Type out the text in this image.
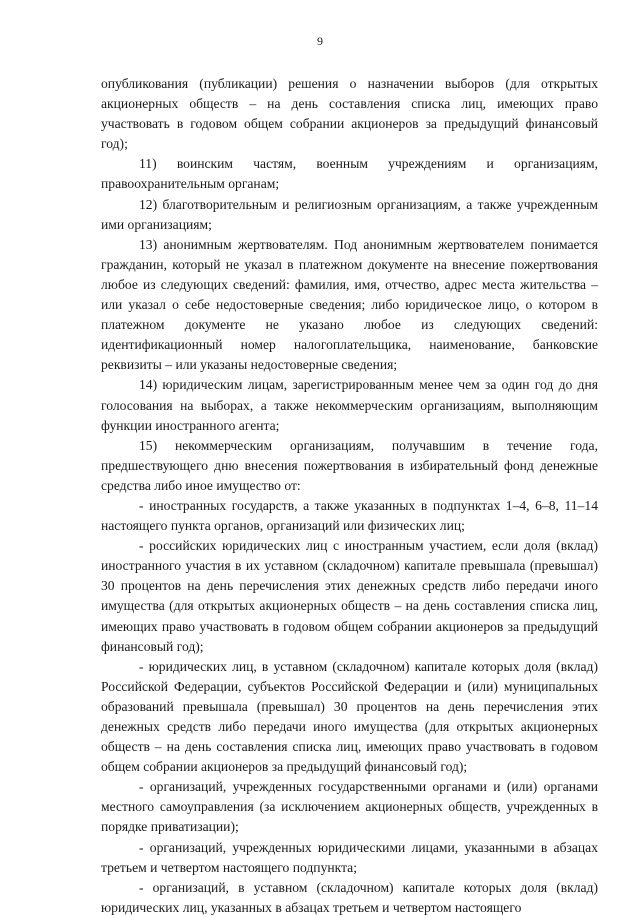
9

опубликования (публикации) решения о назначении выборов (для открытых акционерных обществ – на день составления списка лиц, имеющих право участвовать в годовом общем собрании акционеров за предыдущий финансовый год);

11) воинским частям, военным учреждениям и организациям, правоохранительным органам;

12) благотворительным и религиозным организациям, а также учрежденным ими организациям;

13) анонимным жертвователям. Под анонимным жертвователем понимается гражданин, который не указал в платежном документе на внесение пожертвования любое из следующих сведений: фамилия, имя, отчество, адрес места жительства – или указал о себе недостоверные сведения; либо юридическое лицо, о котором в платежном документе не указано любое из следующих сведений: идентификационный номер налогоплательщика, наименование, банковские реквизиты – или указаны недостоверные сведения;

14) юридическим лицам, зарегистрированным менее чем за один год до дня голосования на выборах, а также некоммерческим организациям, выполняющим функции иностранного агента;

15) некоммерческим организациям, получавшим в течение года, предшествующего дню внесения пожертвования в избирательный фонд денежные средства либо иное имущество от:

- иностранных государств, а также указанных в подпунктах 1–4, 6–8, 11–14 настоящего пункта органов, организаций или физических лиц;

- российских юридических лиц с иностранным участием, если доля (вклад) иностранного участия в их уставном (складочном) капитале превышала (превышал) 30 процентов на день перечисления этих денежных средств либо передачи иного имущества (для открытых акционерных обществ – на день составления списка лиц, имеющих право участвовать в годовом общем собрании акционеров за предыдущий финансовый год);

- юридических лиц, в уставном (складочном) капитале которых доля (вклад) Российской Федерации, субъектов Российской Федерации и (или) муниципальных образований превышала (превышал) 30 процентов на день перечисления этих денежных средств либо передачи иного имущества (для открытых акционерных обществ – на день составления списка лиц, имеющих право участвовать в годовом общем собрании акционеров за предыдущий финансовый год);

- организаций, учрежденных государственными органами и (или) органами местного самоуправления (за исключением акционерных обществ, учрежденных в порядке приватизации);

- организаций, учрежденных юридическими лицами, указанными в абзацах третьем и четвертом настоящего подпункта;

- организаций, в уставном (складочном) капитале которых доля (вклад) юридических лиц, указанных в абзацах третьем и четвертом настоящего
